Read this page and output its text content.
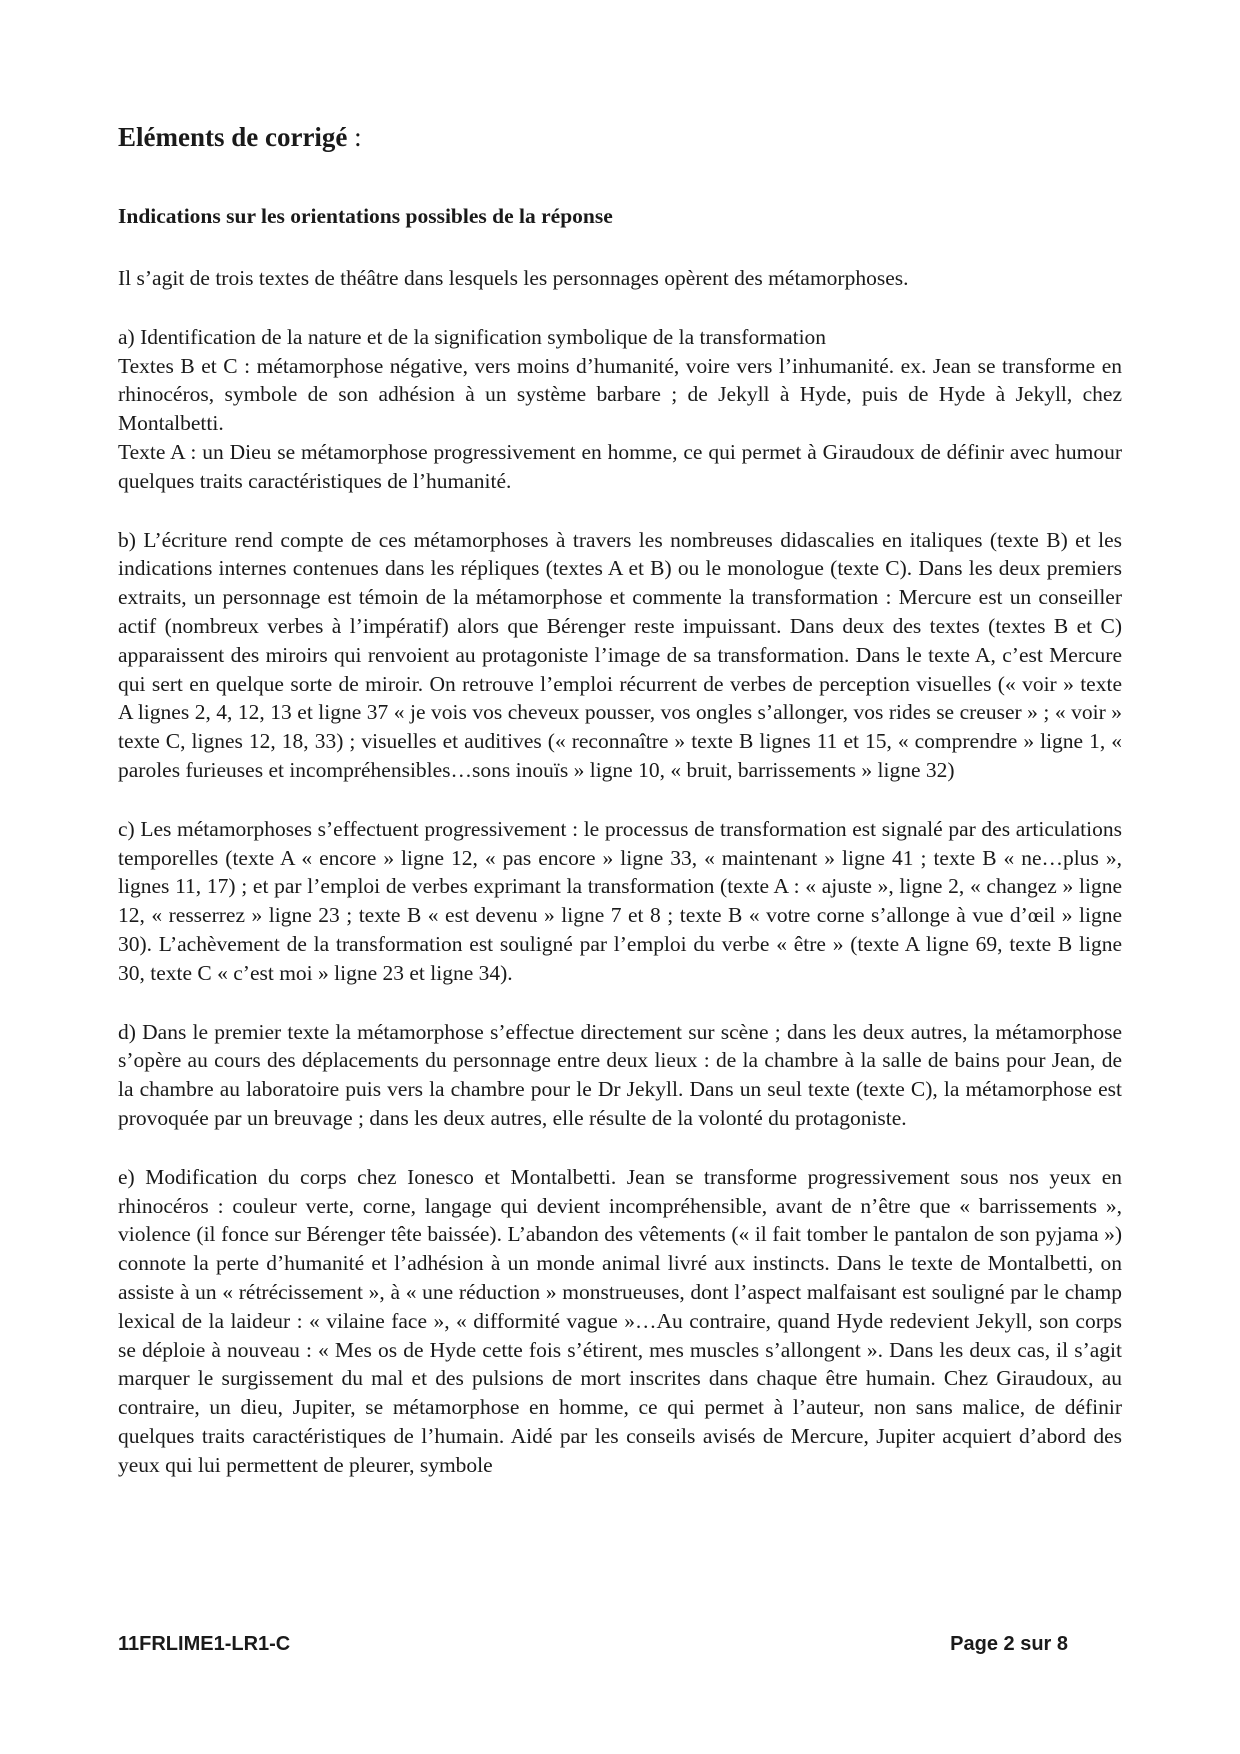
Eléments de corrigé :
Indications sur les orientations possibles de la réponse
Il s’agit de trois textes de théâtre dans lesquels les personnages opèrent des métamorphoses.
a) Identification de la nature et de la signification symbolique de la transformation

Textes B et C : métamorphose négative, vers moins d’humanité, voire vers l’inhumanité. ex. Jean se transforme en rhinocéros, symbole de son adhésion à un système barbare ; de Jekyll à Hyde, puis de Hyde à Jekyll, chez Montalbetti.

Texte A : un Dieu se métamorphose progressivement en homme, ce qui permet à Giraudoux de définir avec humour quelques traits caractéristiques de l’humanité.

b) L’écriture rend compte de ces métamorphoses à travers les nombreuses didascalies en italiques (texte B) et les indications internes contenues dans les répliques (textes A et B) ou le monologue (texte C). Dans les deux premiers extraits, un personnage est témoin de la métamorphose et commente la transformation : Mercure est un conseiller actif (nombreux verbes à l’impératif) alors que Bérenger reste impuissant. Dans deux des textes (textes B et C) apparaissent des miroirs qui renvoient au protagoniste l’image de sa transformation. Dans le texte A, c’est Mercure qui sert en quelque sorte de miroir. On retrouve l’emploi récurrent de verbes de perception visuelles (« voir » texte A lignes 2, 4, 12, 13 et ligne 37 « je vois vos cheveux pousser, vos ongles s’allonger, vos rides se creuser » ; « voir » texte C, lignes 12, 18, 33) ; visuelles et auditives (« reconnaître » texte B lignes 11 et 15, « comprendre » ligne 1, « paroles furieuses et incompréhensibles…sons inouïs » ligne 10, « bruit, barrissements » ligne 32)

c) Les métamorphoses s’effectuent progressivement : le processus de transformation est signalé par des articulations temporelles (texte A « encore » ligne 12, « pas encore » ligne 33, « maintenant » ligne 41 ; texte B « ne…plus », lignes 11, 17) ; et par l’emploi de verbes exprimant la transformation (texte A : « ajuste », ligne 2, « changez » ligne 12, « resserrez » ligne 23 ; texte B « est devenu » ligne 7 et 8 ; texte B « votre corne s’allonge à vue d’œil » ligne 30). L’achèvement de la transformation est souligné par l’emploi du verbe « être » (texte A ligne 69, texte B ligne 30, texte C « c’est moi » ligne 23 et ligne 34).

d) Dans le premier texte la métamorphose s’effectue directement sur scène ; dans les deux autres, la métamorphose s’opère au cours des déplacements du personnage entre deux lieux : de la chambre à la salle de bains pour Jean, de la chambre au laboratoire puis vers la chambre pour le Dr Jekyll. Dans un seul texte (texte C), la métamorphose est provoquée par un breuvage ; dans les deux autres, elle résulte de la volonté du protagoniste.

e) Modification du corps chez Ionesco et Montalbetti. Jean se transforme progressivement sous nos yeux en rhinocéros : couleur verte, corne, langage qui devient incompréhensible, avant de n’être que « barrissements », violence (il fonce sur Bérenger tête baissée). L’abandon des vêtements (« il fait tomber le pantalon de son pyjama ») connote la perte d’humanité et l’adhésion à un monde animal livré aux instincts. Dans le texte de Montalbetti, on assiste à un « rétrécissement », à « une réduction » monstrueuses, dont l’aspect malfaisant est souligné par le champ lexical de la laideur : « vilaine face », « difformité vague »…Au contraire, quand Hyde redevient Jekyll, son corps se déploie à nouveau : « Mes os de Hyde cette fois s’étirent, mes muscles s’allongent ». Dans les deux cas, il s’agit marquer le surgissement du mal et des pulsions de mort inscrites dans chaque être humain. Chez Giraudoux, au contraire, un dieu, Jupiter, se métamorphose en homme, ce qui permet à l’auteur, non sans malice, de définir quelques traits caractéristiques de l’humain. Aidé par les conseils avisés de Mercure, Jupiter acquiert d’abord des yeux qui lui permettent de pleurer, symbole

11FRLIME1-LR1-C	Page 2 sur 8
